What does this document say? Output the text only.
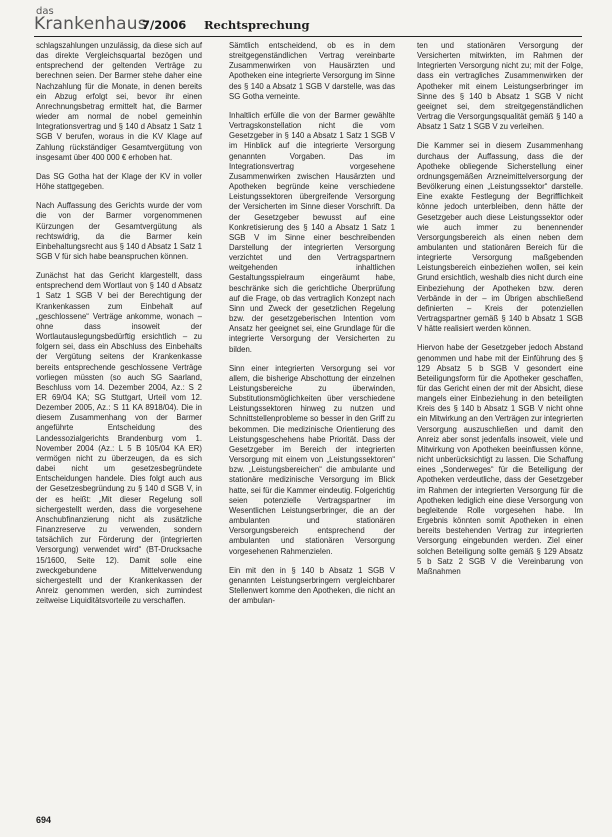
das
Krankenhaus
7/2006 Rechtsprechung

schlagszahlungen unzulässig, da diese sich auf das direkte Vergleichsquartal bezögen und entsprechend der geltenden Verträge zu berechnen seien. Der Barmer stehe daher eine Nachzahlung für die Monate, in denen bereits ein Abzug erfolgt sei, bevor ihr einen Anrechnungsbetrag ermittelt hat, die Barmer wieder am normal de nobel gemeinhin Integrationsvertrag und § 140 d Absatz 1 Satz 1 SGB V berufen, woraus in die KV Klage auf Zahlung rückständiger Gesamtvergütung von insgesamt über 400 000 € erhoben hat.

Das SG Gotha hat der Klage der KV in voller Höhe stattgegeben.

Nach Auffassung des Gerichts wurde der vom die von der Barmer vorgenommenen Kürzungen der Gesamtvergütung als rechtswidrig, da die Barmer kein Einbehaltungsrecht aus § 140 d Absatz 1 Satz 1 SGB V für sich habe beanspruchen können.

Zunächst hat das Gericht klargestellt, dass entsprechend dem Wortlaut von § 140 d Absatz 1 Satz 1 SGB V bei der Berechtigung der Krankenkassen zum Einbehalt auf „geschlossene“ Verträge ankomme, wonach – ohne dass insoweit der Wortlautauslegungsbedürftig ersichtlich – zu folgern sei, dass ein Abschluss des Einbehalts der Vergütung seitens der Krankenkasse bereits entsprechende geschlossene Verträge vorliegen müssten (so auch SG Saarland, Beschluss vom 14. Dezember 2004, Az.: S 2 ER 69/04 KA; SG Stuttgart, Urteil vom 12. Dezember 2005, Az.: S 11 KA 8918/04). Die in diesem Zusammenhang von der Barmer angeführte Entscheidung des Landessozialgerichts Brandenburg vom 1. November 2004 (Az.: L 5 B 105/04 KA ER) vermögen nicht zu überzeugen, da es sich dabei nicht um gesetzesbegründete Entscheidungen handele. Dies folgt auch aus der Gesetzesbegründung zu § 140 d SGB V, in der es heißt: „Mit dieser Regelung soll sichergestellt werden, dass die vorgesehene Anschubfinanzierung nicht als zusätzliche Finanzreserve zu verwenden, sondern tatsächlich zur Förderung der (integrierten Versorgung) verwendet wird“ (BT-Drucksache 15/1600, Seite 12). Damit solle eine zweckgebundene Mittelverwendung sichergestellt und der Krankenkassen der Anreiz genommen werden, sich zumindest zeitweise Liquiditätsvorteile zu verschaffen.

Sämtlich entscheidend, ob es in dem streitgegenständlichen Vertrag vereinbarte Zusammenwirken von Hausärzten und Apotheken eine integrierte Versorgung im Sinne des § 140 a Absatz 1 SGB V darstelle, was das SG Gotha verneinte.

Inhaltlich erfülle die von der Barmer gewählte Vertragskonstellation nicht die vom Gesetzgeber in § 140 a Absatz 1 Satz 1 SGB V im Hinblick auf die integrierte Versorgung genannten Vorgaben. Das im Integrationsvertrag vorgesehene Zusammenwirken zwischen Hausärzten und Apotheken begründe keine verschiedene Leistungssektoren übergreifende Versorgung der Versicherten im Sinne dieser Vorschrift. Da der Gesetzgeber bewusst auf eine Konkretisierung des § 140 a Absatz 1 Satz 1 SGB V im Sinne einer beschreibenden Darstellung der integrierten Versorgung verzichtet und den Vertragspartnern weitgehenden inhaltlichen Gestaltungsspielraum eingeräumt habe, beschränke sich die gerichtliche Überprüfung auf die Frage, ob das vertraglich Konzept nach Sinn und Zweck der gesetzlichen Regelung bzw. der gesetzgeberischen Intention vom Ansatz her geeignet sei, eine Grundlage für die integrierte Versorgung der Versicherten zu bilden.

Sinn einer integrierten Versorgung sei vor allem, die bisherige Abschottung der einzelnen Leistungsbereiche zu überwinden, Substitutionsmöglichkeiten über verschiedene Leistungssektoren hinweg zu nutzen und Schnittstellenprobleme so besser in den Griff zu bekommen. Die medizinische Orientierung des Leistungsgeschehens habe Priorität. Dass der Gesetzgeber im Bereich der integrierten Versorgung mit einem von „Leistungssektoren“ bzw. „Leistungsbereichen“ die ambulante und stationäre medizinische Versorgung im Blick hatte, sei für die Kammer eindeutig. Folgerichtig seien potenzielle Vertragspartner im Wesentlichen Leistungserbringer, die an der ambulanten und stationären Versorgungsbereich entsprechend der ambulanten und stationären Versorgung vorgesehenen Rahmenzielen.

Ein mit den in § 140 b Absatz 1 SGB V genannten Leistungserbringern vergleichbarer Stellenwert komme den Apotheken, die nicht an der ambulan-

ten und stationären Versorgung der Versicherten mitwirkten, im Rahmen der Integrierten Versorgung nicht zu; mit der Folge, dass ein vertragliches Zusammenwirken der Apotheker mit einem Leistungserbringer im Sinne des § 140 b Absatz 1 SGB V nicht geeignet sei, dem streitgegenständlichen Vertrag die Versorgungsqualität gemäß § 140 a Absatz 1 Satz 1 SGB V zu verleihen.

Die Kammer sei in diesem Zusammenhang durchaus der Auffassung, dass die der Apotheke obliegende Sicherstellung einer ordnungsgemäßen Arzneimittelversorgung der Bevölkerung einen „Leistungssektor“ darstelle. Eine exakte Festlegung der Begrifflichkeit könne jedoch unterbleiben, denn hätte der Gesetzgeber auch diese Leistungssektor oder wie auch immer zu benennender Versorgungsbereich als einen neben dem ambulanten und stationären Bereich für die integrierte Versorgung maßgebenden Leistungsbereich einbeziehen wollen, sei kein Grund ersichtlich, weshalb dies nicht durch eine Einbeziehung der Apotheken bzw. deren Verbände in der – im Übrigen abschließend definierten – Kreis der potenziellen Vertragspartner gemäß § 140 b Absatz 1 SGB V hätte realisiert werden können.

Hiervon habe der Gesetzgeber jedoch Abstand genommen und habe mit der Einführung des § 129 Absatz 5 b SGB V gesondert eine Beteiligungsform für die Apotheker geschaffen, für das Gericht einen der mit der Absicht, diese mangels einer Einbeziehung in den beteiligten Kreis des § 140 b Absatz 1 SGB V nicht ohne ein Mitwirkung an den Verträgen zur integrierten Versorgung auszuschließen und damit den Anreiz aber sonst jedenfalls insoweit, viele und Mitwirkung von Apotheken beeinflussen könne, nicht unberücksichtigt zu lassen. Die Schaffung eines „Sonderweges“ für die Beteiligung der Apotheken verdeutliche, dass der Gesetzgeber im Rahmen der integrierten Versorgung für die Apotheken lediglich eine diese Versorgung von begleitende Rolle vorgesehen habe. Im Ergebnis könnten somit Apotheken in einen bereits bestehenden Vertrag zur integrierten Versorgung eingebunden werden. Ziel einer solchen Beteiligung sollte gemäß § 129 Absatz 5 b Satz 2 SGB V die Vereinbarung von Maßnahmen

694
